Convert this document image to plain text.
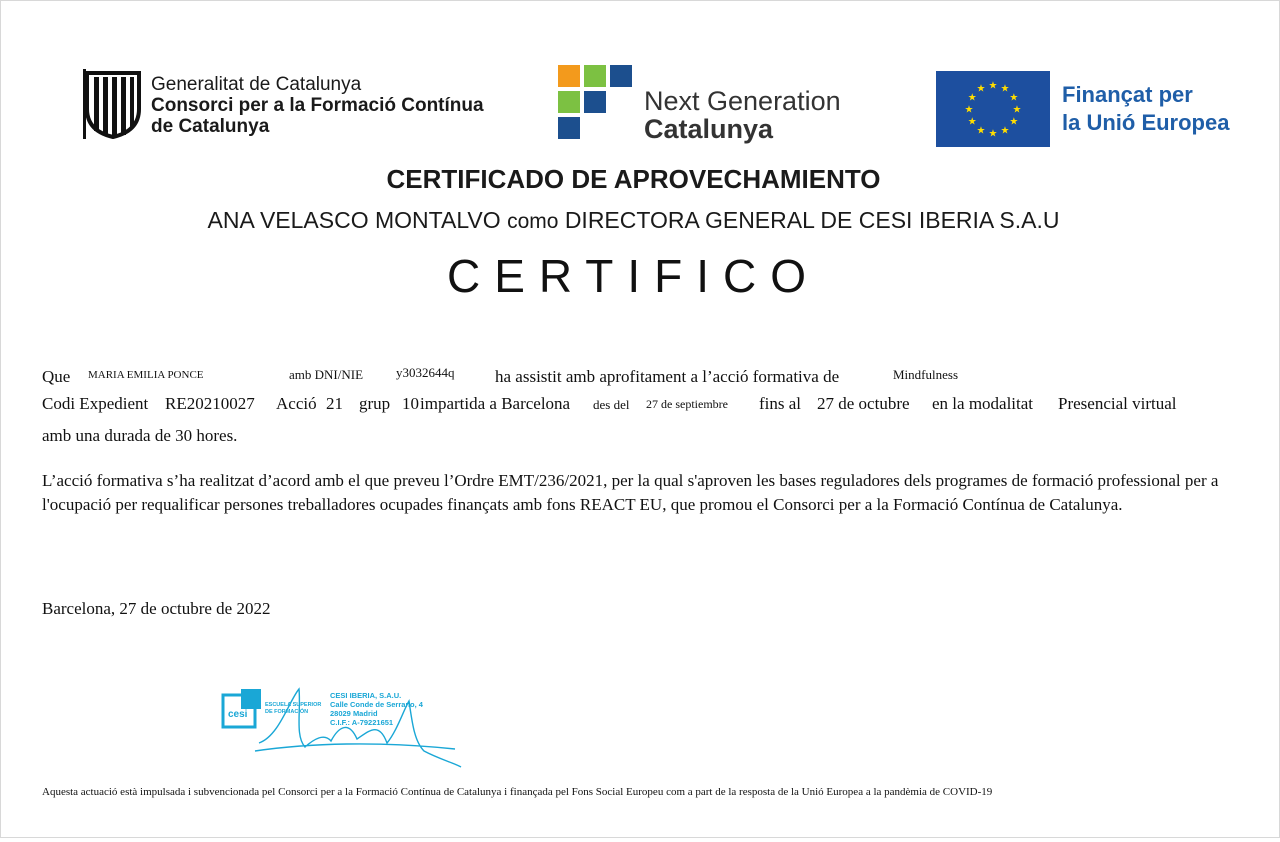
Generalitat de Catalunya
Consorci per a la Formació Contínua
de Catalunya
Next Generation
Catalunya
★ ★
★
★
★
★
★
★
★
★
★
★	Finançat per
la Unió Europea
CERTIFICADO DE APROVECHAMIENTO
ANA VELASCO MONTALVO como DIRECTORA GENERAL DE CESI IBERIA S.A.U
CERTIFICO
Que MARIA EMILIA PONCE	amb DNI/NIE	y3032644q ha assistit amb aprofitament a l’acció formativa de	Mindfulness
Codi Expedient RE20210027 Acció 21 grup 10 impartida a Barcelona des del 27 de septiembre fins al 27 de octubre en la modalitat Presencial virtual
amb una durada de 30 hores.
L’acció formativa s’ha realitzat d’acord amb el que preveu l’Ordre EMT/236/2021, per la qual s'aproven les bases reguladores dels programes de formació professional per a l'ocupació per requalificar persones treballadores ocupades finançats amb fons REACT EU, que promou el Consorci per a la Formació Contínua de Catalunya.
Barcelona, 27 de octubre de 2022
cesi
ESCUELA SUPERIOR
DE FORMACIÓN
CESI IBERIA, S.A.U.
Calle Conde de Serrano, 4
28029 Madrid
C.I.F.: A-79221651
Aquesta actuació està impulsada i subvencionada pel Consorci per a la Formació Contínua de Catalunya i finançada pel Fons Social Europeu com a part de la resposta de la Unió Europea a la pandèmia de COVID-19
